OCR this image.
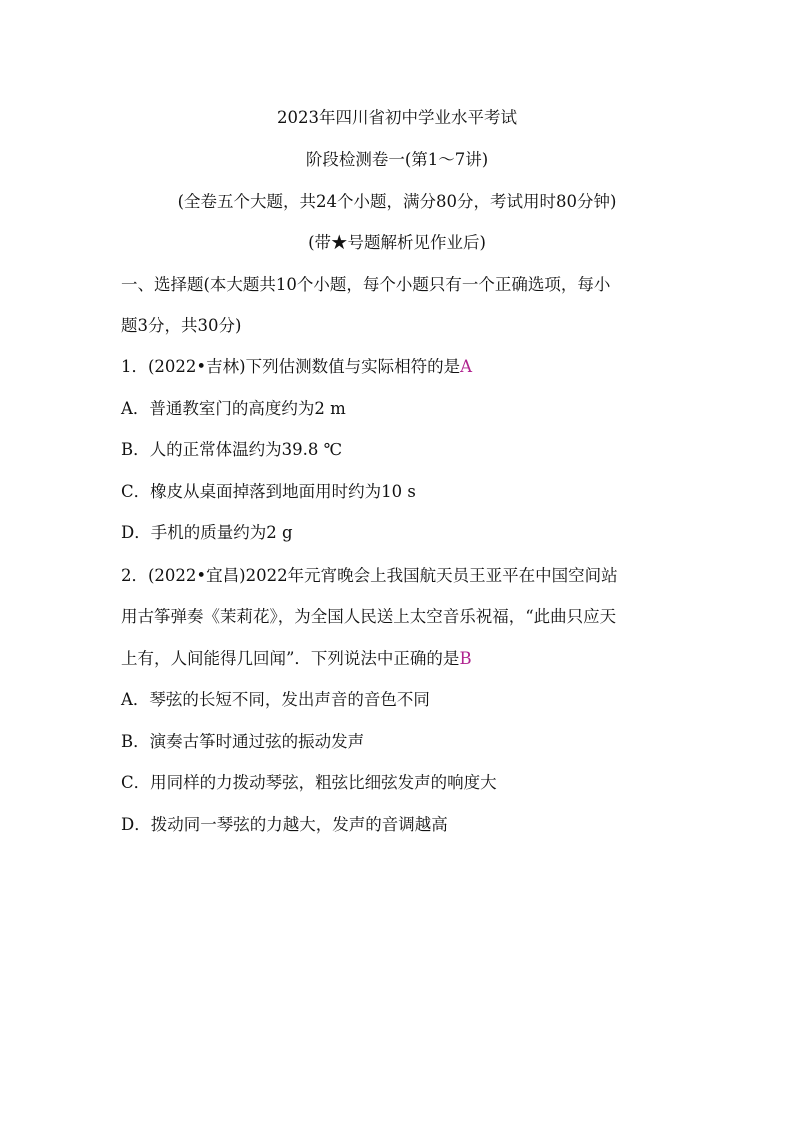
2023年四川省初中学业水平考试
阶段检测卷一(第1～7讲)
(全卷五个大题，共24个小题，满分80分，考试用时80分钟)
(带★号题解析见作业后)
一、选择题(本大题共10个小题，每个小题只有一个正确选项，每小
题3分，共30分)
1．(2022•吉林)下列估测数值与实际相符的是A
A．普通教室门的高度约为2 m
B．人的正常体温约为39.8 ℃
C．橡皮从桌面掉落到地面用时约为10 s
D．手机的质量约为2 g
2．(2022•宜昌)2022年元宵晚会上我国航天员王亚平在中国空间站
用古筝弹奏《茉莉花》，为全国人民送上太空音乐祝福，“此曲只应天
上有，人间能得几回闻”．下列说法中正确的是B
A．琴弦的长短不同，发出声音的音色不同
B．演奏古筝时通过弦的振动发声
C．用同样的力拨动琴弦，粗弦比细弦发声的响度大
D．拨动同一琴弦的力越大，发声的音调越高
